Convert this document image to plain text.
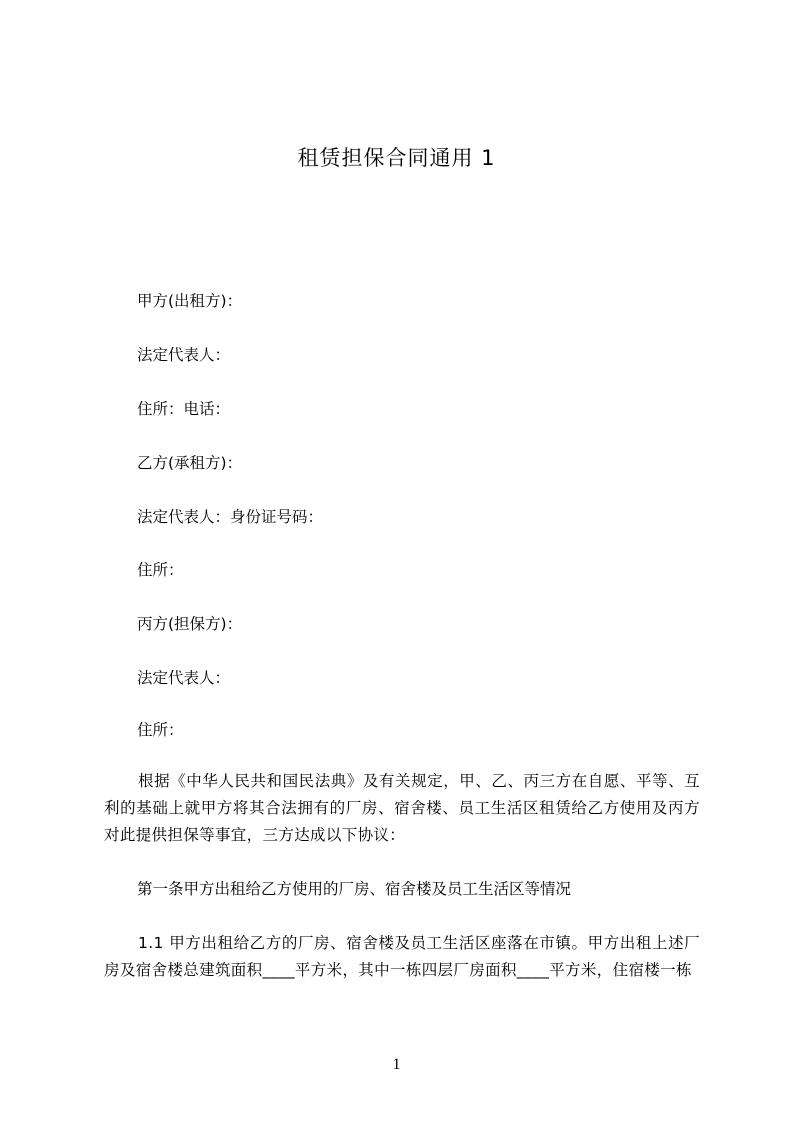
租赁担保合同通用 1
甲方(出租方)：
法定代表人：
住所：电话：
乙方(承租方)：
法定代表人：身份证号码：
住所：
丙方(担保方)：
法定代表人：
住所：

根据《中华人民共和国民法典》及有关规定，甲、乙、丙三方在自愿、平等、互利的基础上就甲方将其合法拥有的厂房、宿舍楼、员工生活区租赁给乙方使用及丙方对此提供担保等事宜，三方达成以下协议：

第一条甲方出租给乙方使用的厂房、宿舍楼及员工生活区等情况

1.1 甲方出租给乙方的厂房、宿舍楼及员工生活区座落在市镇。甲方出租上述厂房及宿舍楼总建筑面积____平方米，其中一栋四层厂房面积____平方米，住宿楼一栋

1
